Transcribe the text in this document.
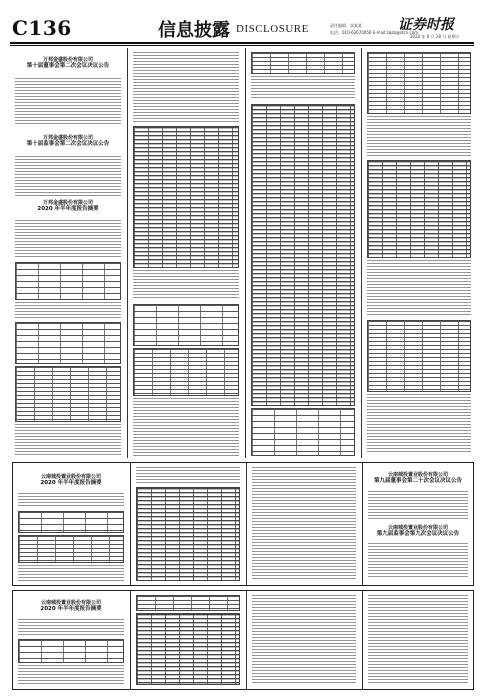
C136	信息披露 DISCLOSURE	责任编辑：周某某
电话：010-63070056 E-mail:zqsb@stcn.com
证券时报
2020 年 8 月 28 日 星期五

万邦金盛股份有限公司
第十届董事会第二次会议决议公告

万邦金盛股份有限公司
第十届监事会第二次会议决议公告
万邦金盛股份有限公司
2020 年半年度报告摘要

云南城投置业股份有限公司
2020 年半年度报告摘要

云南城投置业股份有限公司
第九届董事会第二十次会议决议公告
云南城投置业股份有限公司
第九届监事会第九次会议决议公告

云南城投置业股份有限公司
2020 年半年度报告摘要
